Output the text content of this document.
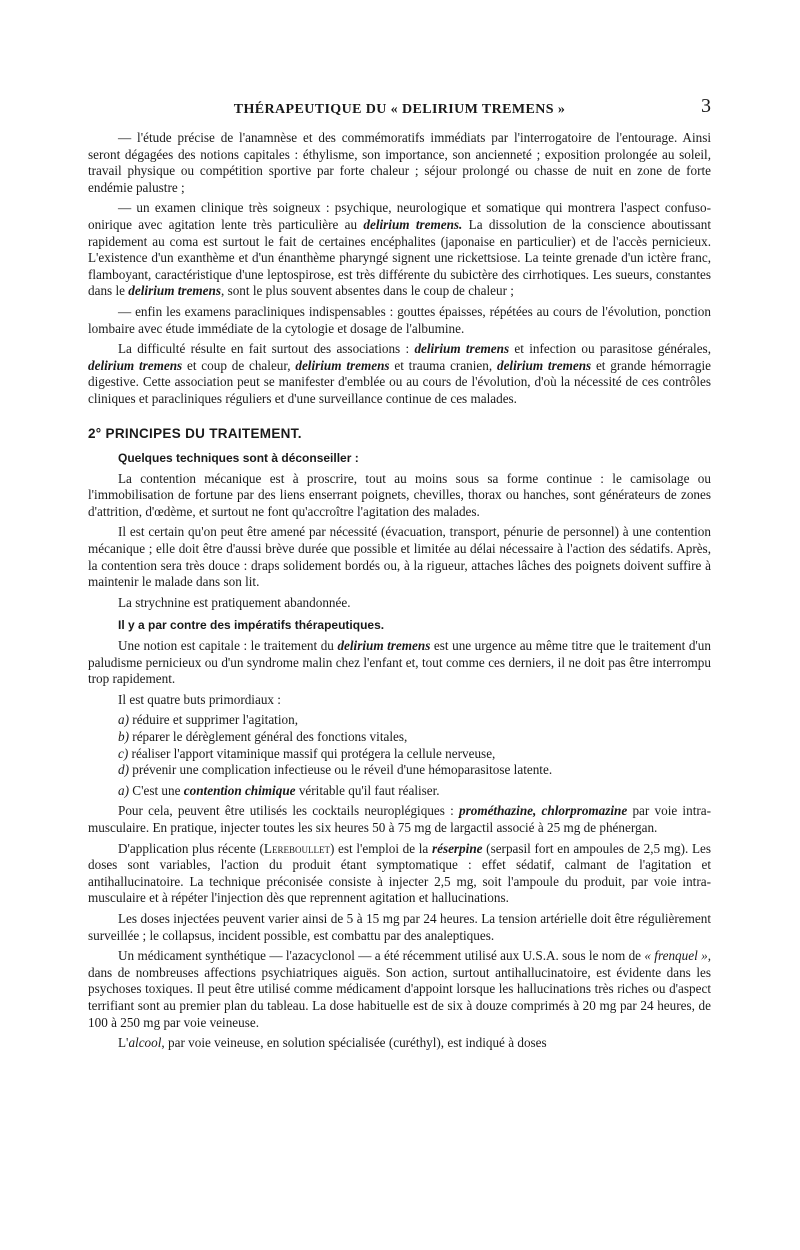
THÉRAPEUTIQUE DU « DELIRIUM TREMENS »	3

— l'étude précise de l'anamnèse et des commémoratifs immédiats par l'interrogatoire de l'entourage. Ainsi seront dégagées des notions capitales : éthylisme, son importance, son ancienneté ; exposition prolongée au soleil, travail physique ou compétition sportive par forte chaleur ; séjour prolongé ou chasse de nuit en zone de forte endémie palustre ;

— un examen clinique très soigneux : psychique, neurologique et somatique qui montrera l'aspect confuso-onirique avec agitation lente très particulière au delirium tremens. La dissolution de la conscience aboutissant rapidement au coma est surtout le fait de certaines encéphalites (japonaise en particulier) et de l'accès pernicieux. L'existence d'un exanthème et d'un énanthème pharyngé signent une rickettsiose. La teinte grenade d'un ictère franc, flamboyant, caractéristique d'une leptospirose, est très différente du subictère des cirrhotiques. Les sueurs, constantes dans le delirium tremens, sont le plus souvent absentes dans le coup de chaleur ;

— enfin les examens paracliniques indispensables : gouttes épaisses, répétées au cours de l'évolution, ponction lombaire avec étude immédiate de la cytologie et dosage de l'albumine.

La difficulté résulte en fait surtout des associations : delirium tremens et infection ou parasitose générales, delirium tremens et coup de chaleur, delirium tremens et trauma cranien, delirium tremens et grande hémorragie digestive. Cette association peut se manifester d'emblée ou au cours de l'évolution, d'où la nécessité de ces contrôles cliniques et paracliniques réguliers et d'une surveillance continue de ces malades.

2° PRINCIPES DU TRAITEMENT.
Quelques techniques sont à déconseiller :

La contention mécanique est à proscrire, tout au moins sous sa forme continue : le camisolage ou l'immobilisation de fortune par des liens enserrant poignets, chevilles, thorax ou hanches, sont générateurs de zones d'attrition, d'œdème, et surtout ne font qu'accroître l'agitation des malades.

Il est certain qu'on peut être amené par nécessité (évacuation, transport, pénurie de personnel) à une contention mécanique ; elle doit être d'aussi brève durée que possible et limitée au délai nécessaire à l'action des sédatifs. Après, la contention sera très douce : draps solidement bordés ou, à la rigueur, attaches lâches des poignets doivent suffire à maintenir le malade dans son lit.

La strychnine est pratiquement abandonnée.

Il y a par contre des impératifs thérapeutiques.

Une notion est capitale : le traitement du delirium tremens est une urgence au même titre que le traitement d'un paludisme pernicieux ou d'un syndrome malin chez l'enfant et, tout comme ces derniers, il ne doit pas être interrompu trop rapidement.

Il est quatre buts primordiaux :

a) réduire et supprimer l'agitation,

b) réparer le dérèglement général des fonctions vitales,

c) réaliser l'apport vitaminique massif qui protégera la cellule nerveuse,

d) prévenir une complication infectieuse ou le réveil d'une hémoparasitose latente.

a) C'est une contention chimique véritable qu'il faut réaliser.

Pour cela, peuvent être utilisés les cocktails neuroplégiques : prométhazine, chlorpromazine par voie intra-musculaire. En pratique, injecter toutes les six heures 50 à 75 mg de largactil associé à 25 mg de phénergan.

D'application plus récente (Lereboullet) est l'emploi de la réserpine (serpasil fort en ampoules de 2,5 mg). Les doses sont variables, l'action du produit étant symptomatique : effet sédatif, calmant de l'agitation et antihallucinatoire. La technique préconisée consiste à injecter 2,5 mg, soit l'ampoule du produit, par voie intra-musculaire et à répéter l'injection dès que reprennent agitation et hallucinations.

Les doses injectées peuvent varier ainsi de 5 à 15 mg par 24 heures. La tension artérielle doit être régulièrement surveillée ; le collapsus, incident possible, est combattu par des analeptiques.

Un médicament synthétique — l'azacyclonol — a été récemment utilisé aux U.S.A. sous le nom de « frenquel », dans de nombreuses affections psychiatriques aiguës. Son action, surtout antihallucinatoire, est évidente dans les psychoses toxiques. Il peut être utilisé comme médicament d'appoint lorsque les hallucinations très riches ou d'aspect terrifiant sont au premier plan du tableau. La dose habituelle est de six à douze comprimés à 20 mg par 24 heures, de 100 à 250 mg par voie veineuse.

L'alcool, par voie veineuse, en solution spécialisée (curéthyl), est indiqué à doses
